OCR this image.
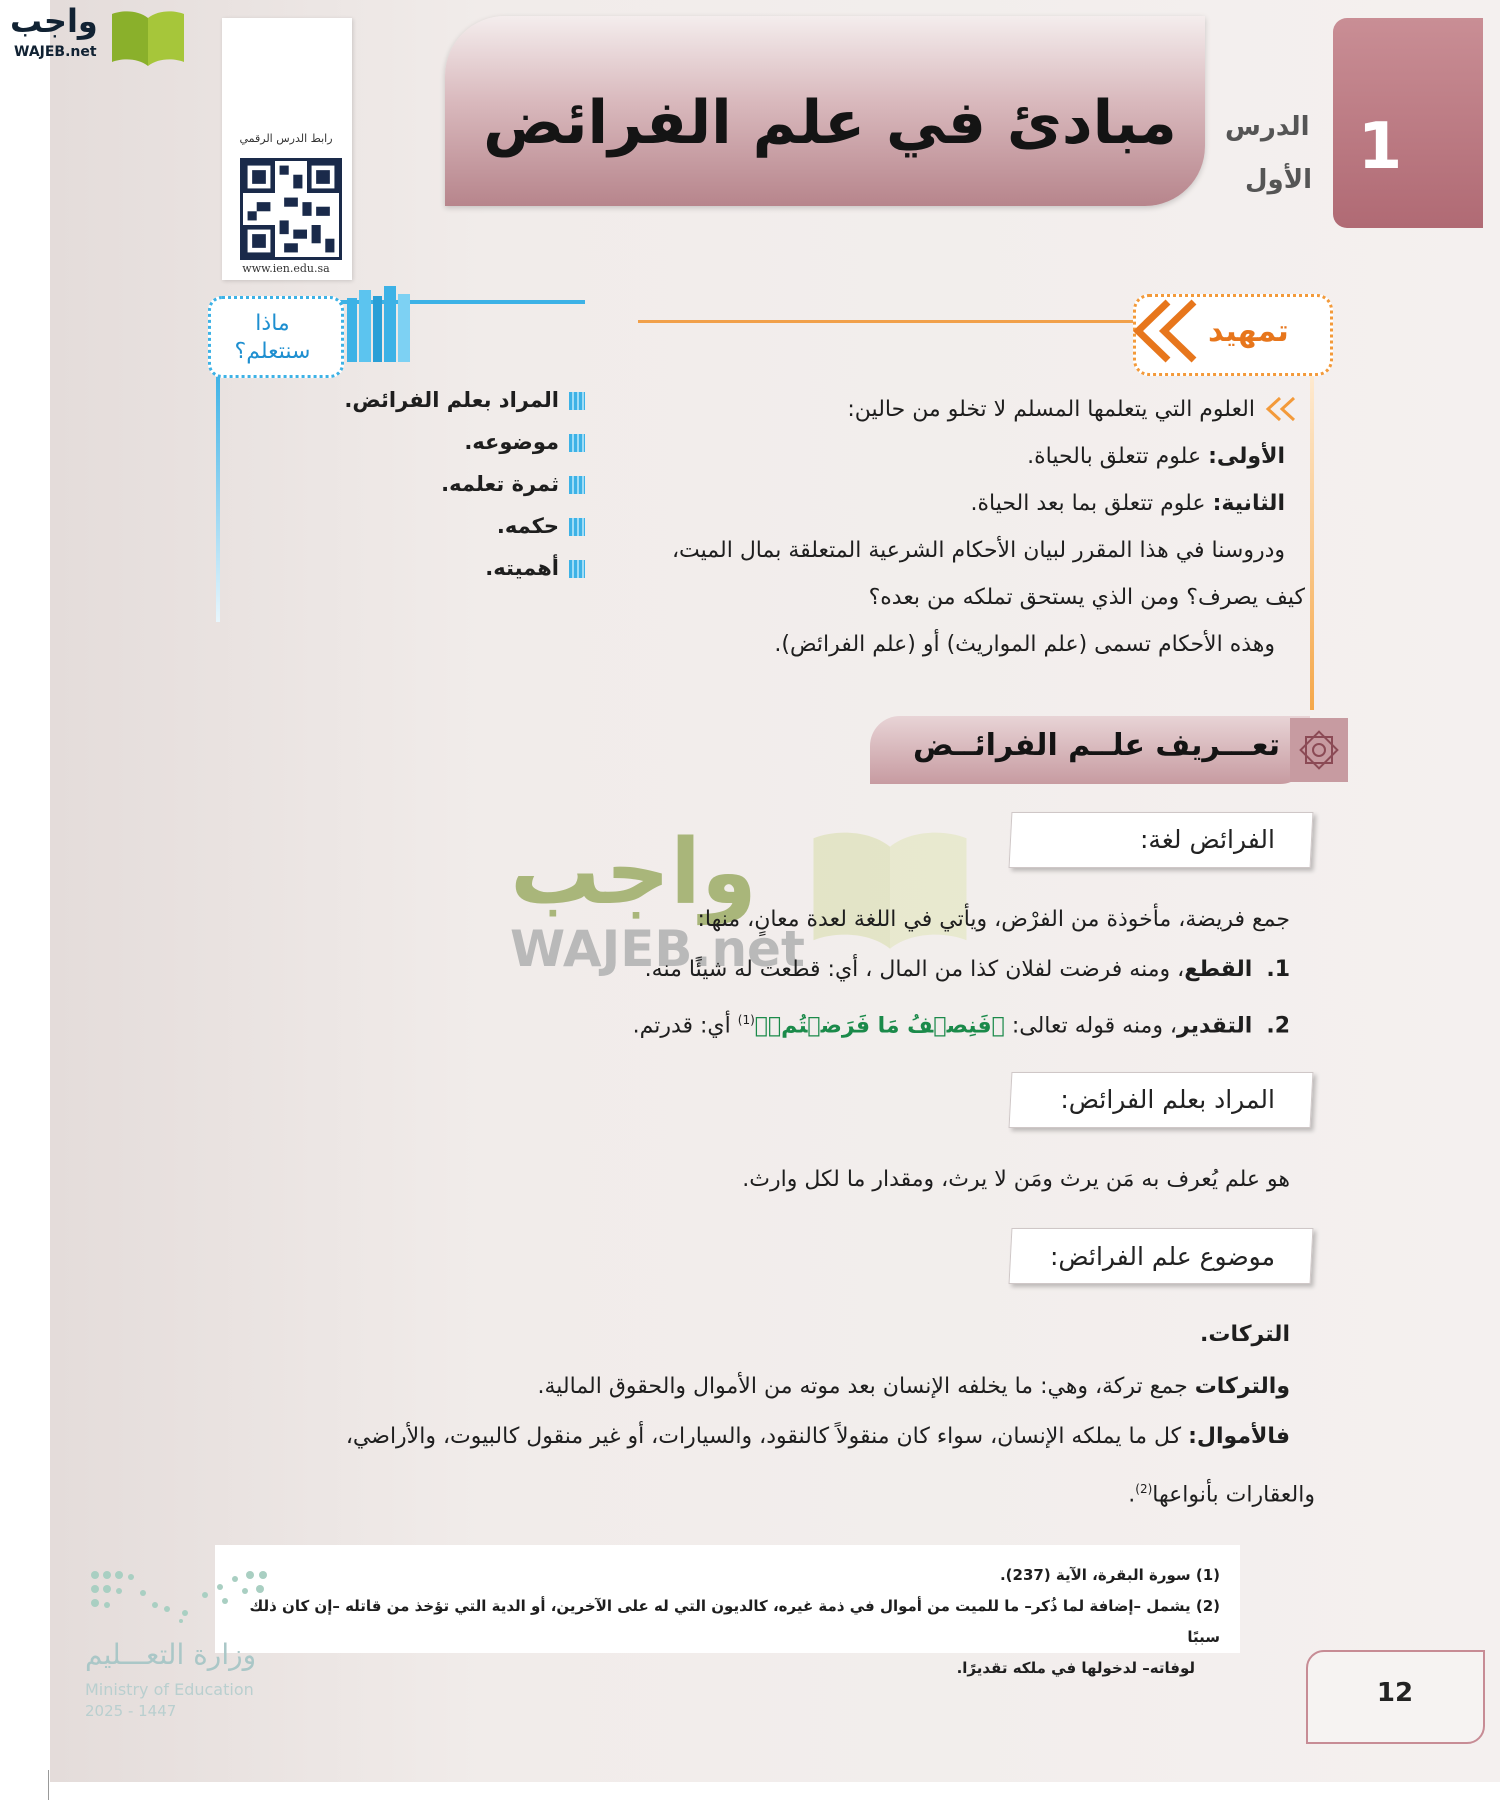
واجب
WAJEB.net
1
الدرس
الأول
مبادئ في علم الفرائض
رابط الدرس الرقمي
www.ien.edu.sa
ماذا
سنتعلم؟
المراد بعلم الفرائض.
موضوعه.
ثمرة تعلمه.
حكمه.
أهميته.
تمهيد
العلوم التي يتعلمها المسلم لا تخلو من حالين:
الأولى: علوم تتعلق بالحياة.
الثانية: علوم تتعلق بما بعد الحياة.
ودروسنا في هذا المقرر لبيان الأحكام الشرعية المتعلقة بمال الميت،
كيف يصرف؟ ومن الذي يستحق تملكه من بعده؟
وهذه الأحكام تسمى (علم المواريث) أو (علم الفرائض).
تعـــريف علــم الفرائــض
واجب
WAJEB.net
الفرائض لغة:
جمع فريضة، مأخوذة من الفرْض، ويأتي في اللغة لعدة معانٍ، منها:
1.  القطع، ومنه فرضت لفلان كذا من المال ، أي: قطعت له شيئًا منه.
2.  التقدير، ومنه قوله تعالى: ﴿فَنِصۡفُ مَا فَرَضۡتُمۡ﴾$^{(1)}$ أي: قدرتم.
المراد بعلم الفرائض:
هو علم يُعرف به مَن يرث ومَن لا يرث، ومقدار ما لكل وارث.
موضوع علم الفرائض:
التركات.
والتركات جمع تركة، وهي: ما يخلفه الإنسان بعد موته من الأموال والحقوق المالية.
فالأموال: كل ما يملكه الإنسان، سواء كان منقولاً كالنقود، والسيارات، أو غير منقول كالبيوت، والأراضي،
والعقارات بأنواعها$^{(2)}$.
(1) سورة البقرة، الآية (237).
(2) يشمل –إضافة لما ذُكر– ما للميت من أموال في ذمة غيره، كالديون التي له على الآخرين، أو الدية التي تؤخذ من قاتله –إن كان ذلك سببًا
لوفاته– لدخولها في ملكه تقديرًا.
وزارة التعـــليم
Ministry of Education
2025 - 1447
12
